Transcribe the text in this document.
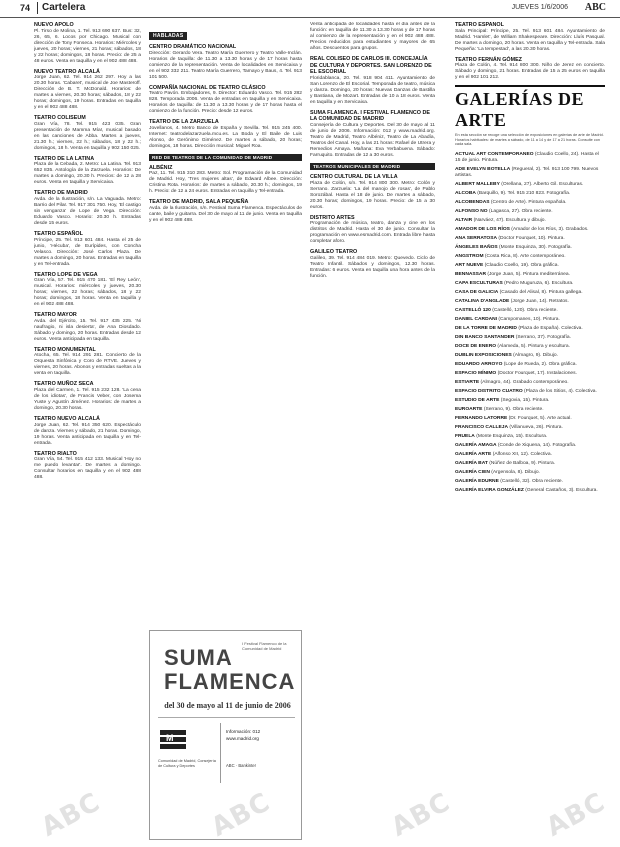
74 Cartelera	JUEVES 1/6/2006 ABC
NUEVO APOLO
Pl. Tirso de Molina, 1. Tel. 913 690 637. Bus: 32, 26, 65, 6. Locos por Chicago. Musical con dirección de Tony Fonseca. Horarios: Miércoles y jueves, 20 horas; viernes, 21 horas; sábados, 18 y 22 horas; domingos, 18 horas. Precio: de 25 a 48 euros. Venta en taquilla y en el 902 488 488.
NUEVO TEATRO ALCALÁ
Jorge Juan, 62. Tel. 914 262 297. Hoy a las 20.30 horas. 'Cabaret', musical de Joe Masteroff. Dirección de B. T. McDonald. Horarios: de martes a viernes, 20.30 horas; sábados, 18 y 22 horas; domingos, 19 horas. Entradas en taquilla y en el 902 488 488.
TEATRO COLISEUM
Gran Vía, 78. Tel. 915 423 035. Gran presentación de Mamma Mía!, musical basado en las canciones de Abba. Martes a jueves, 21.30 h.; viernes, 22 h.; sábados, 18 y 22 h.; domingos, 18 h. Venta en taquilla y 902 150 025.
TEATRO DE LA LATINA
Plaza de la Cebada, 2. Metro: La Latina. Tel. 913 652 835. Antología de la Zarzuela. Horarios: De martes a domingo, 20.30 h. Precios: de 12 a 28 euros. Venta en taquilla y Servicaixa.
TEATRO DE MADRID
Avda. de la Ilustración, s/n. La Vaguada. Metro: Barrio del Pilar. Tel. 917 301 750. Hoy, 'El castigo sin venganza' de Lope de Vega. Dirección: Eduardo Vasco. Horario: 20.30 h. Entradas desde 15 euros.
TEATRO ESPAÑOL
Príncipe, 25. Tel. 913 601 484. Hasta el 25 de junio, 'Hécuba', de Eurípides, con Concha Velasco. Dirección: José Carlos Plaza. De martes a domingo, 20 horas. Entradas en taquilla y en Tel-entrada.
TEATRO LOPE DE VEGA
Gran Vía, 57. Tel. 915 470 181. 'El Rey León', musical. Horarios: miércoles y jueves, 20.30 horas; viernes, 22 horas; sábados, 18 y 22 horas; domingos, 18 horas. Venta en taquilla y en el 902 488 488.
TEATRO MAYOR
Avda. del Ejército, 15. Tel. 917 435 225. 'Ni naufragio, ni isla desierta', de Ana Diosdado. Sábado y domingo, 20 horas. Entradas desde 12 euros. Venta anticipada en taquilla.
TEATRO MONUMENTAL
Atocha, 65. Tel. 914 291 281. Concierto de la Orquesta Sinfónica y Coro de RTVE. Jueves y viernes, 20 horas. Abonos y entradas sueltas a la venta en taquilla.
TEATRO MUÑOZ SECA
Plaza del Carmen, 1. Tel. 915 232 128. 'La cena de los idiotas', de Francis Veber, con Josema Yuste y Agustín Jiménez. Horarios: de martes a domingo, 20.30 horas.
TEATRO NUEVO ALCALÁ
Jorge Juan, 62. Tel. 914 350 620. Espectáculo de danza. Viernes y sábado, 21 horas. Domingo, 19 horas. Venta anticipada en taquilla y en Tel-entrada.
TEATRO RIALTO
Gran Vía, 54. Tel. 915 412 133. Musical 'Hoy no me puedo levantar'. De martes a domingo. Consultar horarios en taquilla y en el 902 488 488.
HABLADAS
CENTRO DRAMÁTICO NACIONAL
Dirección: Gerardo Vera. Teatro María Guerrero y Teatro Valle-Inclán. Horarios de taquilla: de 11.30 a 13.30 horas y de 17 horas hasta comienzo de la representación. Venta de localidades en Servicaixa y en el 902 332 211. Teatro María Guerrero, Tamayo y Baus, 4. Tel. 913 101 500.
COMPAÑÍA NACIONAL DE TEATRO CLÁSICO
Teatro Pavón. Embajadores, 9. Director: Eduardo Vasco. Tel. 915 282 828. Temporada 2006. Venta de entradas en taquilla y en Servicaixa. Horarios de taquilla: de 11.30 a 13.30 horas y de 17 horas hasta el comienzo de la función. Precio: desde 12 euros.
TEATRO DE LA ZARZUELA
Jovellanos, 4. Metro Banco de España y Sevilla. Tel. 915 245 400. Internet: teatrodelazarzuela.mcu.es. La Boda y El Baile de Luis Alonso, de Gerónimo Giménez. De martes a sábado, 20 horas; domingos, 18 horas. Dirección musical: Miguel Roa.
RED DE TEATROS DE LA COMUNIDAD DE MADRID
ALBÉNIZ
Paz, 11. Tel. 915 310 283. Metro: Sol. Programación de la Comunidad de Madrid. Hoy, 'Tres mujeres altas', de Edward Albee. Dirección: Cristina Rota. Horarios: de martes a sábado, 20.30 h.; domingos, 19 h. Precio: de 12 a 24 euros. Entradas en taquilla y Tel-entrada.
TEATRO DE MADRID, SALA PEQUEÑA
Avda. de la Ilustración, s/n. Festival Suma Flamenca. Espectáculos de cante, baile y guitarra. Del 30 de mayo al 11 de junio. Venta en taquilla y en el 902 488 488.
SUMA
FLAMENCA
I Festival Flamenco de la Comunidad de Madrid
del 30 de mayo al 11 de junio de 2006
M
Comunidad de Madrid, Consejería de Cultura y Deportes
Información: 012
www.madrid.org
ABC · Bankinter
Venta anticipada de localidades hasta el día antes de la función: en taquilla de 11.30 a 13.30 horas y de 17 horas al comienzo de la representación y en el 902 488 488. Precios reducidos para estudiantes y mayores de 65 años. Descuentos para grupos.
REAL COLISEO DE CARLOS III. CONCEJALÍA DE CULTURA Y DEPORTES. SAN LORENZO DE EL ESCORIAL
Floridablanca, 20. Tel. 918 904 411. Ayuntamiento de San Lorenzo de El Escorial. Temporada de teatro, música y danza. Domingo, 20 horas: Nuevas Danzas de Bastilla y Bastiana, de Mozart. Entradas de 10 a 18 euros. Venta en taquilla y en Servicaixa.
SUMA FLAMENCA. I FESTIVAL FLAMENCO DE LA COMUNIDAD DE MADRID
Consejería de Cultura y Deportes. Del 30 de mayo al 11 de junio de 2006. Información: 012 y www.madrid.org. Teatro de Madrid, Teatro Albéniz, Teatro de La Abadía, Teatros del Canal. Hoy, a las 21 horas: Rafael de Utrera y Remedios Amaya. Mañana: Eva Yerbabuena. Sábado: Farruquito. Entradas de 12 a 30 euros.
TEATROS MUNICIPALES DE MADRID
CENTRO CULTURAL DE LA VILLA
Plaza de Colón, s/n. Tel. 914 800 300. Metro: Colón y Serrano. Zarzuela: 'La del manojo de rosas', de Pablo Sorozábal. Hasta el 18 de junio. De martes a sábado, 20.30 horas; domingos, 19 horas. Precio: de 15 a 30 euros.
DISTRITO ARTES
Programación de música, teatro, danza y cine en los distritos de Madrid. Hasta el 30 de junio. Consultar la programación en www.esmadrid.com. Entrada libre hasta completar aforo.
GALILEO TEATRO
Galileo, 39. Tel. 914 484 019. Metro: Quevedo. Ciclo de Teatro Infantil. Sábados y domingos, 12.30 horas. Entradas: 6 euros. Venta en taquilla una hora antes de la función.
TEATRO ESPAÑOL
Sala Principal: Príncipe, 25. Tel. 913 601 484. Ayuntamiento de Madrid. 'Hamlet', de William Shakespeare. Dirección: Lluís Pasqual. De martes a domingo, 20 horas. Venta en taquilla y Tel-entrada. Sala Pequeña: 'La tempestad', a las 20.30 horas.
TEATRO FERNÁN GÓMEZ
Plaza de Colón, 4. Tel. 914 800 300. Niño de Jerez en concierto. Sábado y domingo, 21 horas. Entradas de 15 a 25 euros en taquilla y en el 902 101 212.
GALERÍAS DE ARTE
En esta sección se recoge una selección de exposiciones en galerías de arte de Madrid. Horarios habituales: de martes a sábado, de 11 a 14 y de 17 a 21 horas. Consulte con cada sala.
ACTUAL ART CONTEMPORANEO (Claudio Coello, 24). Hasta el 15 de junio. Pintura.
ADE EVELYN BOTELLA (Regueral, 2). Tel. 913 100 799. Nuevos artistas.
ALBERT MALLEBY (Orellana, 27). Alberto Gil. Esculturas.
ALCOBA (Barquillo, 9). Tel. 915 210 823. Fotografía.
ALCOBENDAS (Centro de Arte). Pintura española.
ALFONSO NO (Lagasca, 27). Obra reciente.
ALTAIR (Narváez, 47). Escultura y dibujo.
AMADOR DE LOS RÍOS (Amador de los Ríos, 3). Grabados.
ANA SERRATOSA (Doctor Fourquet, 10). Pintura.
ÁNGELES BAÑOS (Monte Esquinza, 30). Fotografía.
ANGSTROM (Costa Rica, 8). Arte contemporáneo.
ART NUEVE (Claudio Coello, 19). Obra gráfica.
BENNASSAR (Jorge Juan, 5). Pintura mediterránea.
CAPA ESCULTURAS (Pedro Muguruza, 6). Escultura.
CASA DE GALICIA (Casado del Alisal, 8). Pintura gallega.
CATALINA D'ANGLADE (Jorge Juan, 14). Retratos.
CASTELLÓ 120 (Castelló, 120). Obra reciente.
DANIEL CARDANI (Campomanes, 10). Pintura.
DE LA TORRE DE MADRID (Plaza de España). Colectiva.
DIN BANCO SANTANDER (Serrano, 37). Fotografía.
DOCE DE ENERO (Alameda, 5). Pintura y escultura.
DUBLIN EXPOSICIONES (Almagro, 9). Dibujo.
EDUARDO ARROYO (Lope de Rueda, 2). Obra gráfica.
ESPACIO MÍNIMO (Doctor Fourquet, 17). Instalaciones.
ESTIARTE (Almagro, 44). Grabado contemporáneo.
ESPACIO DISTRITO CUATRO (Plaza de los Sitios, 4). Colectiva.
ESTUDIO DE ARTE (Segovia, 15). Pintura.
EUROARTE (Serrano, 9). Obra reciente.
FERNANDO LATORRE (Dr. Fourquet, 5). Arte actual.
FRANCISCO CALLEJA (Villanueva, 26). Pintura.
FRUELA (Monte Esquinza, 15). Escultura.
GALERÍA AMAGA (Conde de Xiquena, 14). Fotografía.
GALERÍA ARTE (Alfonso XII, 12). Colectiva.
GALERÍA BAT (Núñez de Balboa, 9). Pintura.
GALERÍA CIEN (Argensola, 8). Dibujo.
GALERÍA EDURNE (Castelló, 32). Obra reciente.
GALERÍA ELVIRA GONZÁLEZ (General Castaños, 3). Escultura.
ABC	ABC	ABC	ABC
